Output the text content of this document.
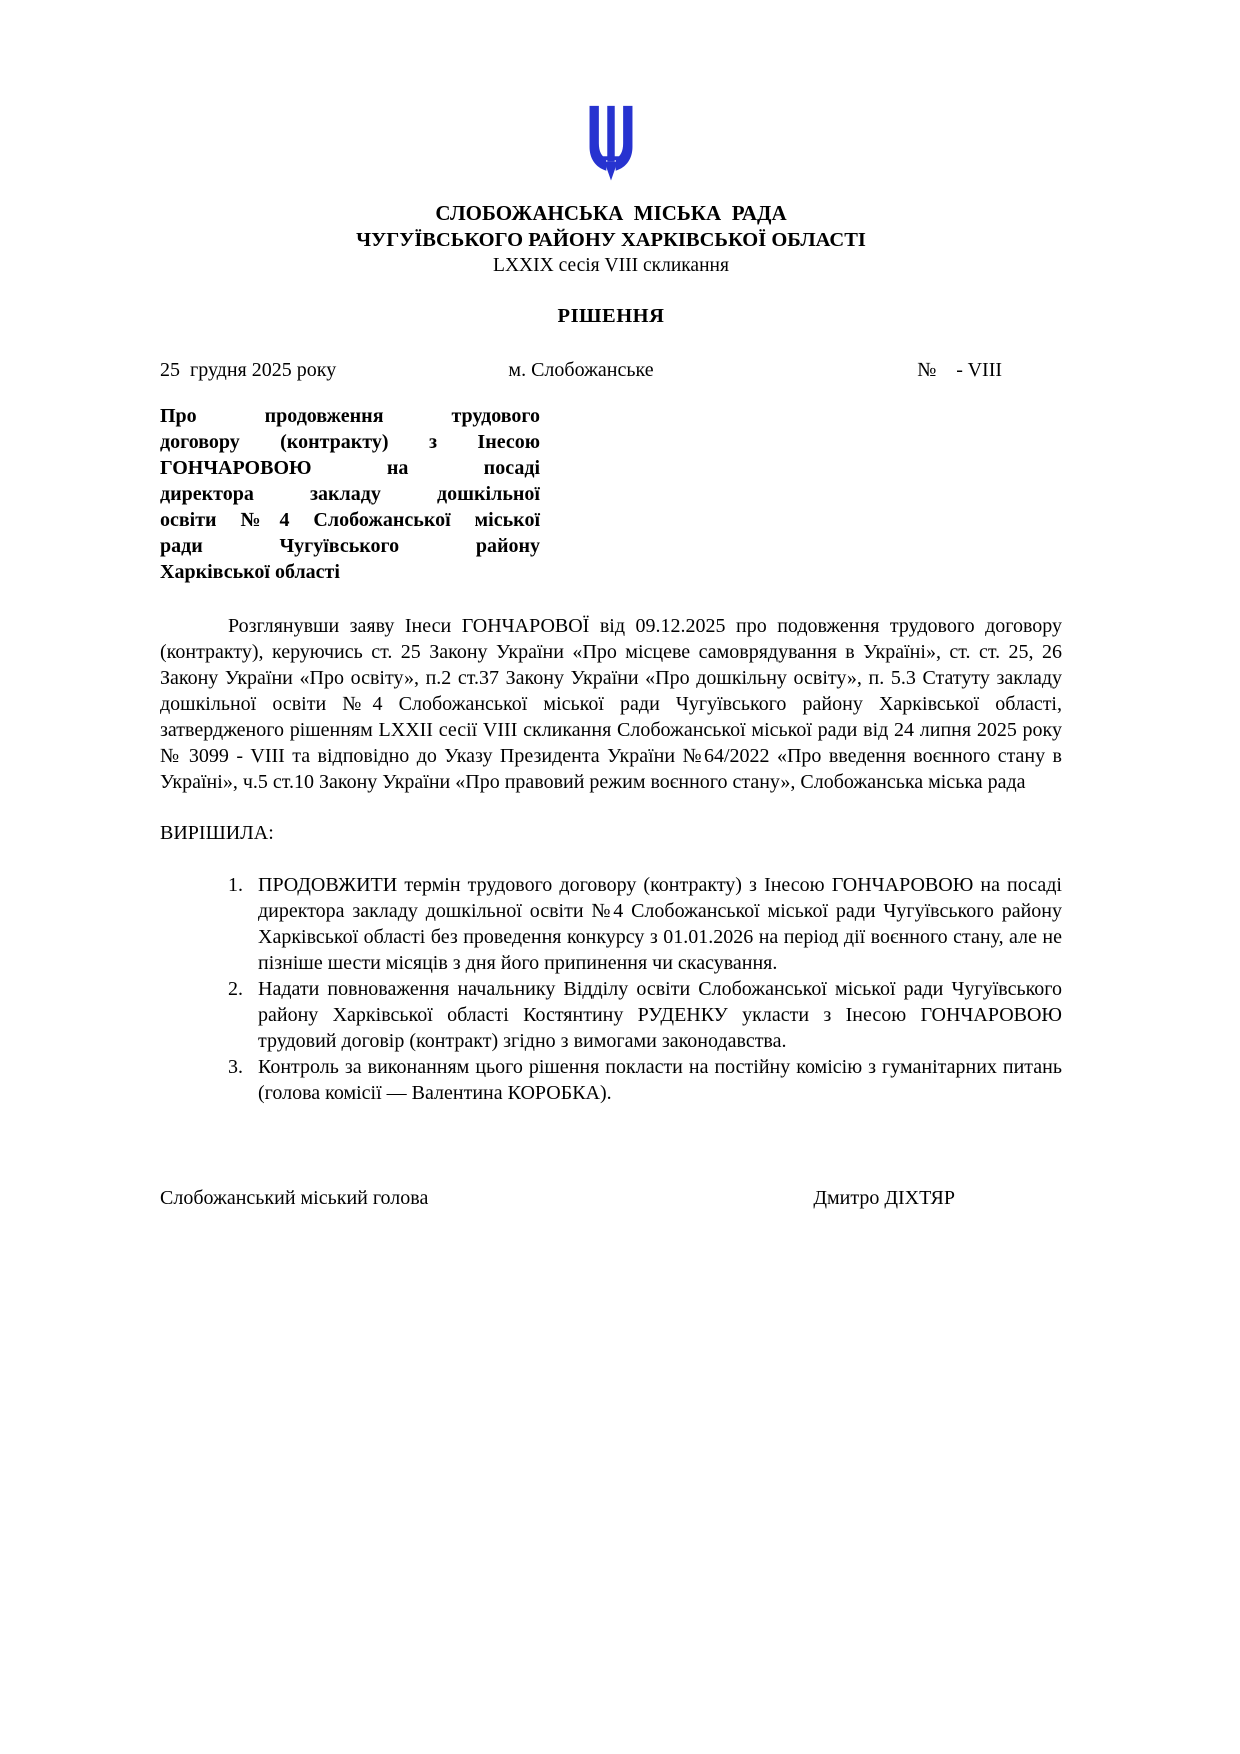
СЛОБОЖАНСЬКА  МІСЬКА  РАДА
ЧУГУЇВСЬКОГО РАЙОНУ ХАРКІВСЬКОЇ ОБЛАСТІ
LXXIX сесія VIII скликання
РІШЕННЯ
25  грудня 2025 року	м. Слобожанське	№    - VIII
Про продовження трудового
договору (контракту) з Інесою
ГОНЧАРОВОЮ на посаді
директора закладу дошкільної
освіти №4 Слобожанської міської
ради Чугуївського району
Харківської області
Розглянувши заяву Інеси ГОНЧАРОВОЇ від 09.12.2025 про подовження трудового договору (контракту), керуючись ст. 25 Закону України «Про місцеве самоврядування в Україні», ст. ст. 25, 26 Закону України «Про освіту», п.2 ст.37 Закону України «Про дошкільну освіту», п. 5.3 Статуту закладу дошкільної освіти №4 Слобожанської міської ради Чугуївського району Харківської області, затвердженого рішенням LXXII сесії VIII скликання Слобожанської міської ради від 24 липня 2025 року № 3099 - VIII та відповідно до Указу Президента України №64/2022 «Про введення воєнного стану в Україні», ч.5 ст.10 Закону України «Про правовий режим воєнного стану», Слобожанська міська рада
ВИРІШИЛА:
1. ПРОДОВЖИТИ термін трудового договору (контракту) з Інесою ГОНЧАРОВОЮ на посаді директора закладу дошкільної освіти №4 Слобожанської міської ради Чугуївського району Харківської області без проведення конкурсу з 01.01.2026 на період дії воєнного стану, але не пізніше шести місяців з дня його припинення чи скасування.
2. Надати повноваження начальнику Відділу освіти Слобожанської міської ради Чугуївського району Харківської області Костянтину РУДЕНКУ укласти з Інесою ГОНЧАРОВОЮ трудовий договір (контракт) згідно з вимогами законодавства.
3. Контроль за виконанням цього рішення покласти на постійну комісію з гуманітарних питань (голова комісії — Валентина КОРОБКА).
Слобожанський міський голова	Дмитро ДІХТЯР
